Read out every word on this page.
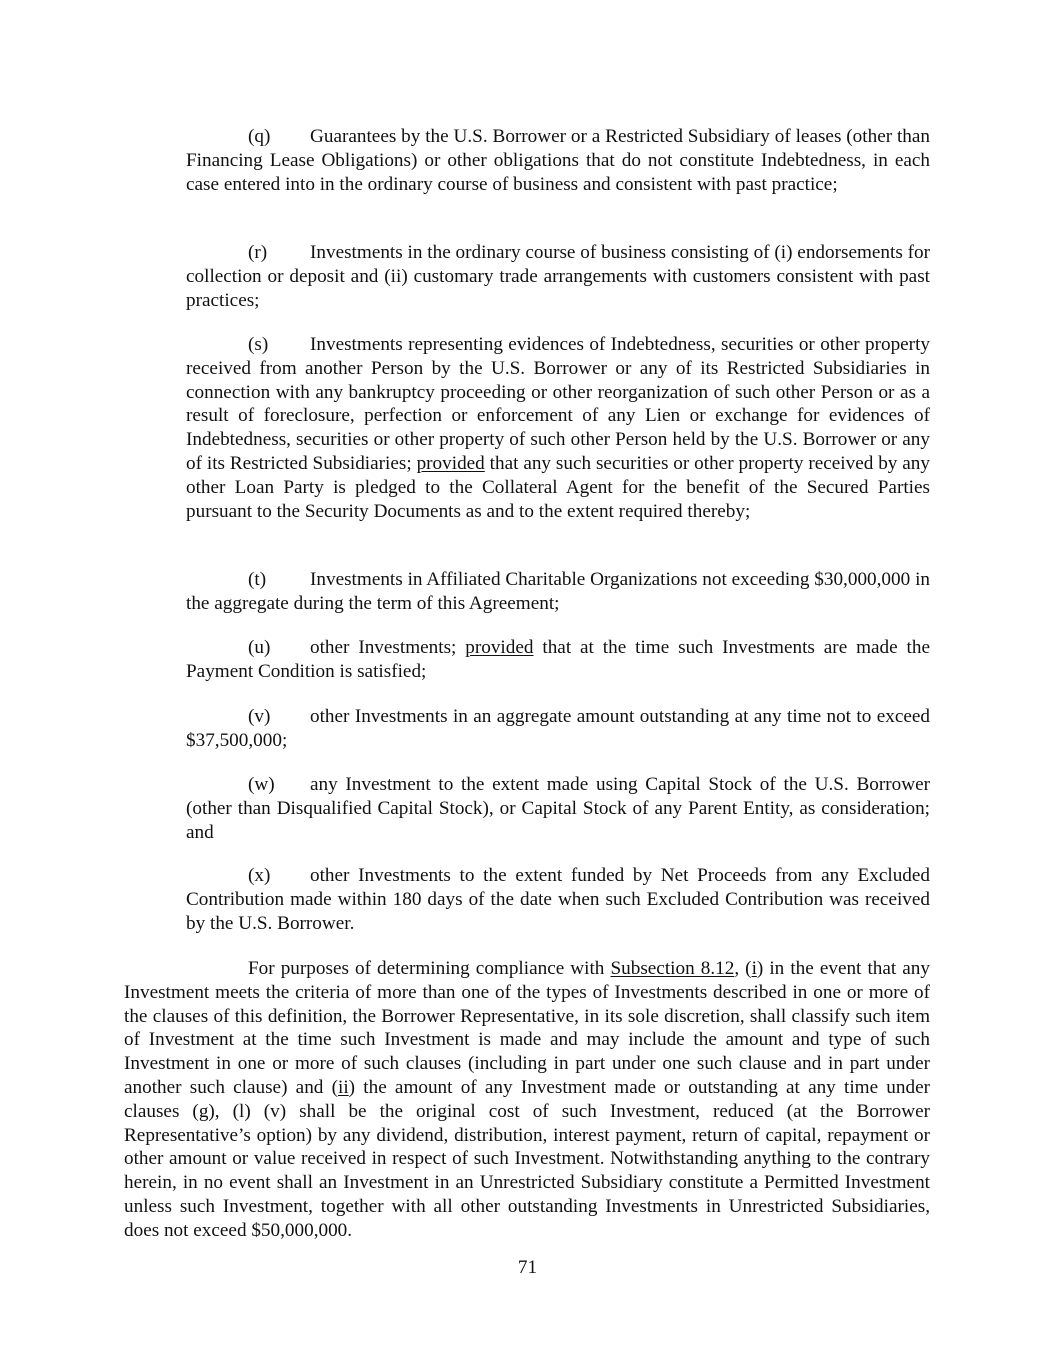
(q) Guarantees by the U.S. Borrower or a Restricted Subsidiary of leases (other than Financing Lease Obligations) or other obligations that do not constitute Indebtedness, in each case entered into in the ordinary course of business and consistent with past practice;

(r) Investments in the ordinary course of business consisting of (i) endorsements for collection or deposit and (ii) customary trade arrangements with customers consistent with past practices;

(s) Investments representing evidences of Indebtedness, securities or other property received from another Person by the U.S. Borrower or any of its Restricted Subsidiaries in connection with any bankruptcy proceeding or other reorganization of such other Person or as a result of foreclosure, perfection or enforcement of any Lien or exchange for evidences of Indebtedness, securities or other property of such other Person held by the U.S. Borrower or any of its Restricted Subsidiaries; provided that any such securities or other property received by any other Loan Party is pledged to the Collateral Agent for the benefit of the Secured Parties pursuant to the Security Documents as and to the extent required thereby;

(t) Investments in Affiliated Charitable Organizations not exceeding $30,000,000 in the aggregate during the term of this Agreement;

(u) other Investments; provided that at the time such Investments are made the Payment Condition is satisfied;

(v) other Investments in an aggregate amount outstanding at any time not to exceed $37,500,000;

(w) any Investment to the extent made using Capital Stock of the U.S. Borrower (other than Disqualified Capital Stock), or Capital Stock of any Parent Entity, as consideration; and

(x) other Investments to the extent funded by Net Proceeds from any Excluded Contribution made within 180 days of the date when such Excluded Contribution was received by the U.S. Borrower.

For purposes of determining compliance with Subsection 8.12, (i) in the event that any Investment meets the criteria of more than one of the types of Investments described in one or more of the clauses of this definition, the Borrower Representative, in its sole discretion, shall classify such item of Investment at the time such Investment is made and may include the amount and type of such Investment in one or more of such clauses (including in part under one such clause and in part under another such clause) and (ii) the amount of any Investment made or outstanding at any time under clauses (g), (l) (v) shall be the original cost of such Investment, reduced (at the Borrower Representative’s option) by any dividend, distribution, interest payment, return of capital, repayment or other amount or value received in respect of such Investment. Notwithstanding anything to the contrary herein, in no event shall an Investment in an Unrestricted Subsidiary constitute a Permitted Investment unless such Investment, together with all other outstanding Investments in Unrestricted Subsidiaries, does not exceed $50,000,000.

71
